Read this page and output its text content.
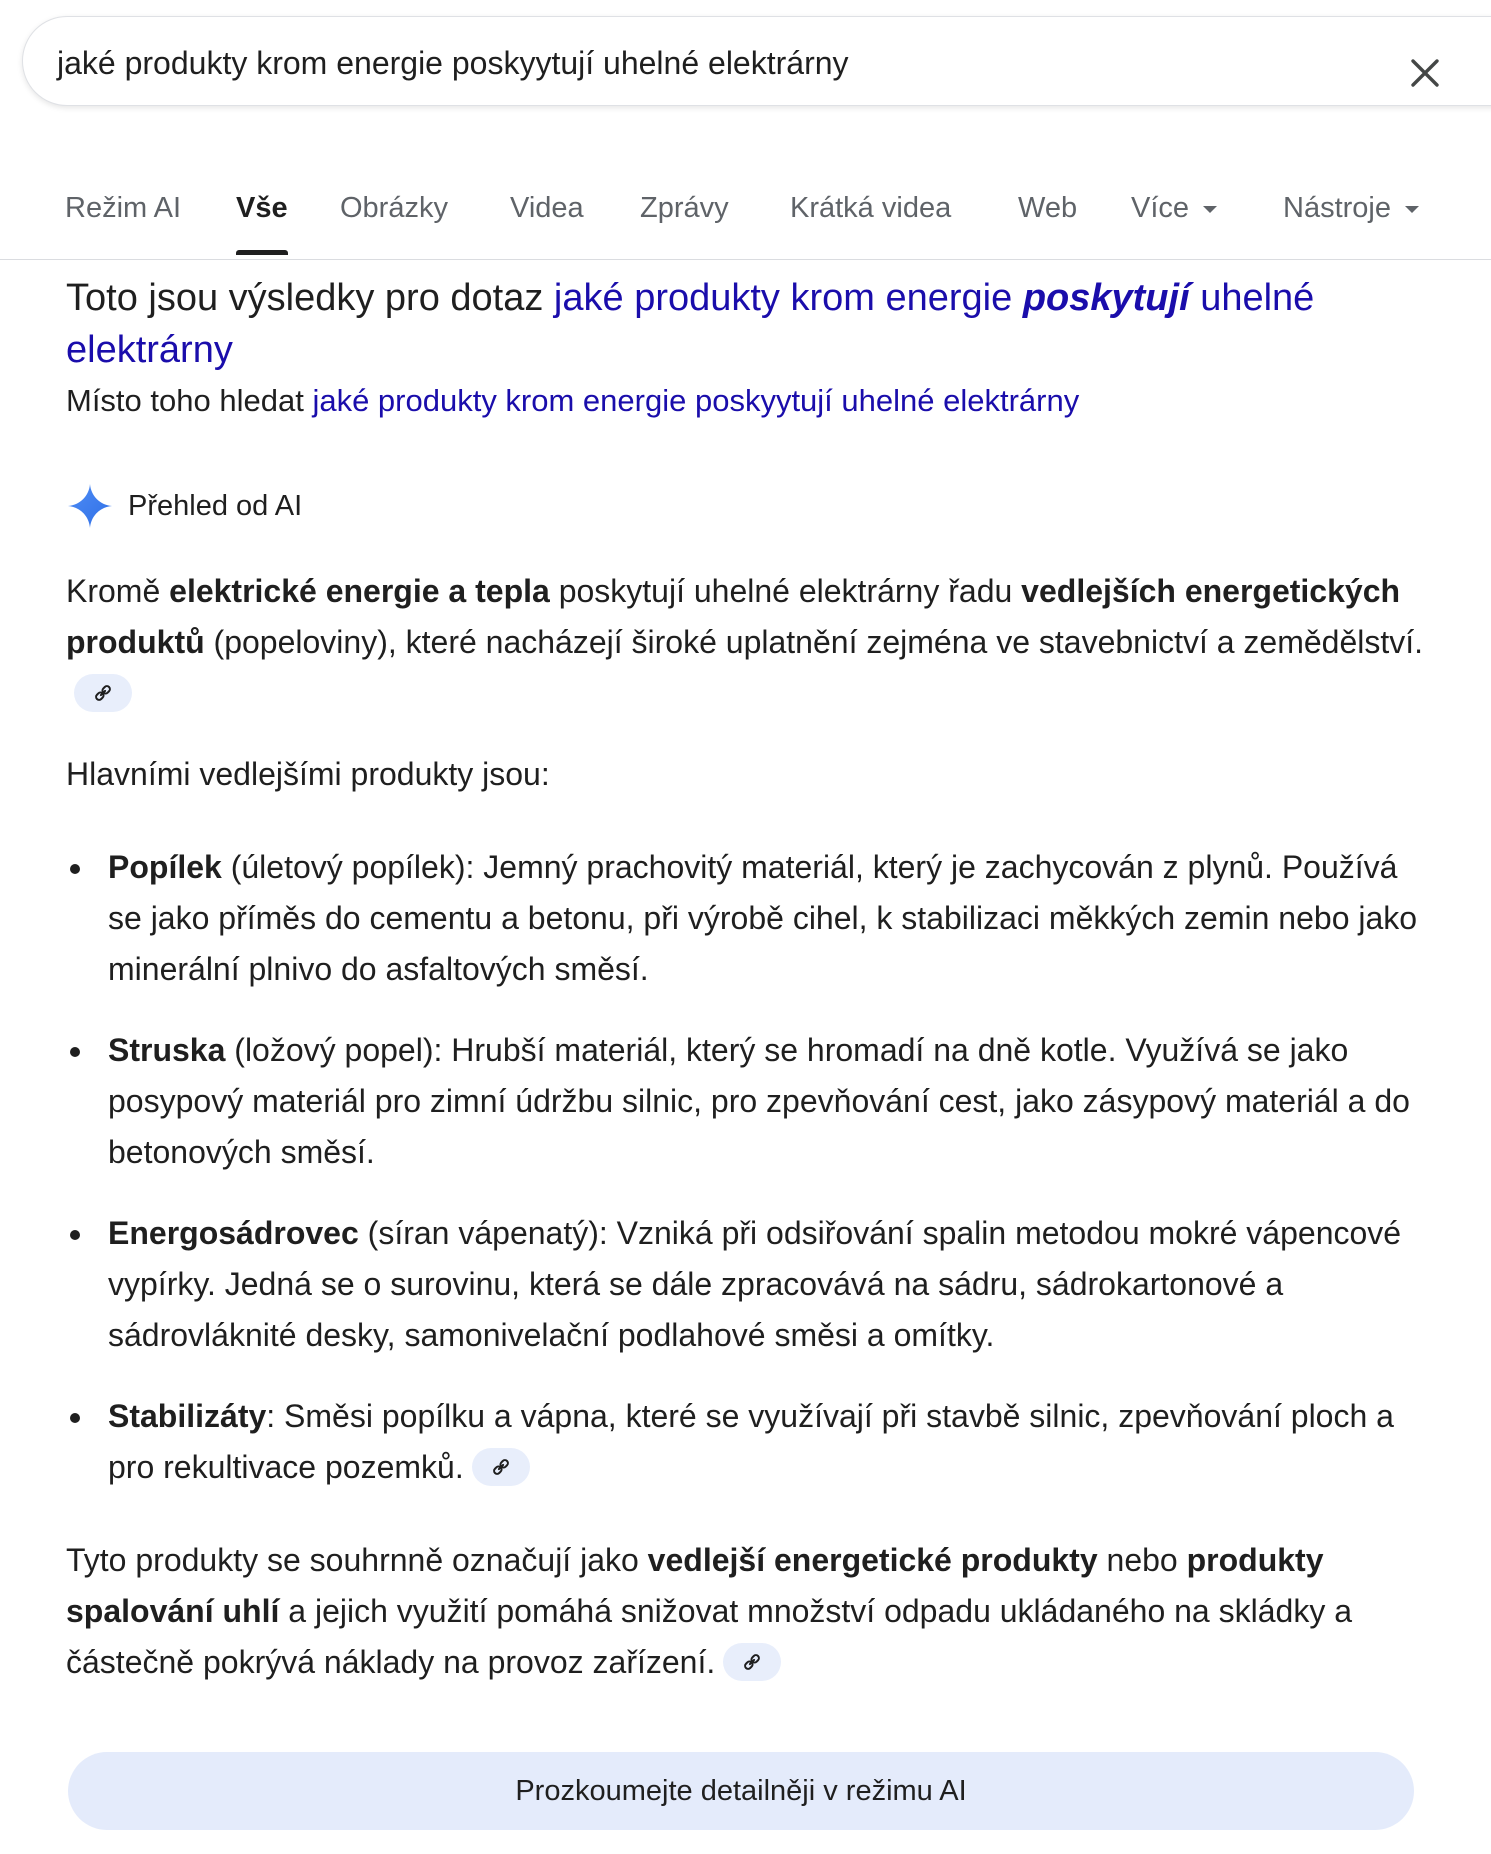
jaké produkty krom energie poskyytují uhelné elektrárny
Režim AI Vše Obrázky Videa Zprávy Krátká videa Web Více	Nástroje
Toto jsou výsledky pro dotaz jaké produkty krom energie poskytují uhelné elektrárny
Místo toho hledat jaké produkty krom energie poskyytují uhelné elektrárny
Přehled od AI

Kromě elektrické energie a tepla poskytují uhelné elektrárny řadu vedlejších energetických produktů (popeloviny), které nacházejí široké uplatnění zejména ve stavebnictví a zemědělství.

Hlavními vedlejšími produkty jsou:

Popílek (úletový popílek): Jemný prachovitý materiál, který je zachycován z plynů. Používá se jako příměs do cementu a betonu, při výrobě cihel, k stabilizaci měkkých zemin nebo jako minerální plnivo do asfaltových směsí.
Struska (ložový popel): Hrubší materiál, který se hromadí na dně kotle. Využívá se jako posypový materiál pro zimní údržbu silnic, pro zpevňování cest, jako zásypový materiál a do betonových směsí.
Energosádrovec (síran vápenatý): Vzniká při odsiřování spalin metodou mokré vápencové vypírky. Jedná se o surovinu, která se dále zpracovává na sádru, sádrokartonové a sádrovláknité desky, samonivelační podlahové směsi a omítky.
Stabilizáty: Směsi popílku a vápna, které se využívají při stavbě silnic, zpevňování ploch a pro rekultivace pozemků.

Tyto produkty se souhrnně označují jako vedlejší energetické produkty nebo produkty spalování uhlí a jejich využití pomáhá snižovat množství odpadu ukládaného na skládky a částečně pokrývá náklady na provoz zařízení.

Prozkoumejte detailněji v režimu AI
